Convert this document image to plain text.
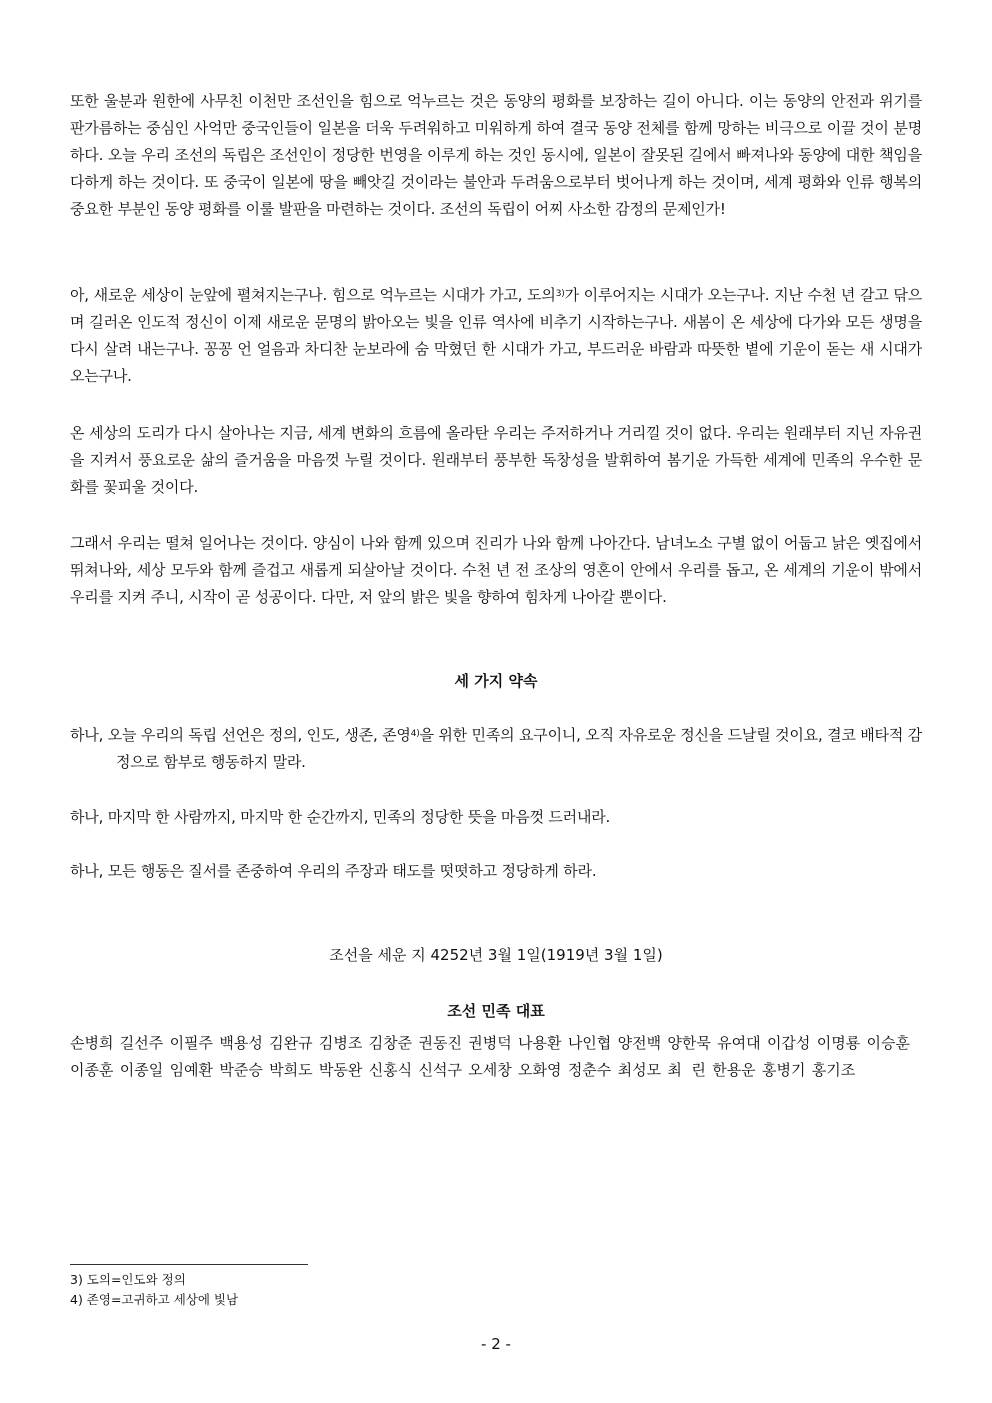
또한 울분과 원한에 사무친 이천만 조선인을 힘으로 억누르는 것은 동양의 평화를 보장하는 길이 아니다. 이는 동양의 안전과 위기를 판가름하는 중심인 사억만 중국인들이 일본을 더욱 두려워하고 미워하게 하여 결국 동양 전체를 함께 망하는 비극으로 이끌 것이 분명하다. 오늘 우리 조선의 독립은 조선인이 정당한 번영을 이루게 하는 것인 동시에, 일본이 잘못된 길에서 빠져나와 동양에 대한 책임을 다하게 하는 것이다. 또 중국이 일본에 땅을 빼앗길 것이라는 불안과 두려움으로부터 벗어나게 하는 것이며, 세계 평화와 인류 행복의 중요한 부분인 동양 평화를 이룰 발판을 마련하는 것이다. 조선의 독립이 어찌 사소한 감정의 문제인가!

아, 새로운 세상이 눈앞에 펼쳐지는구나. 힘으로 억누르는 시대가 가고, 도의$^{3)}$가 이루어지는 시대가 오는구나. 지난 수천 년 갈고 닦으며 길러온 인도적 정신이 이제 새로운 문명의 밝아오는 빛을 인류 역사에 비추기 시작하는구나. 새봄이 온 세상에 다가와 모든 생명을 다시 살려 내는구나. 꽁꽁 언 얼음과 차디찬 눈보라에 숨 막혔던 한 시대가 가고, 부드러운 바람과 따뜻한 볕에 기운이 돋는 새 시대가 오는구나.

온 세상의 도리가 다시 살아나는 지금, 세계 변화의 흐름에 올라탄 우리는 주저하거나 거리낄 것이 없다. 우리는 원래부터 지닌 자유권을 지켜서 풍요로운 삶의 즐거움을 마음껏 누릴 것이다. 원래부터 풍부한 독창성을 발휘하여 봄기운 가득한 세계에 민족의 우수한 문화를 꽃피울 것이다.

그래서 우리는 떨쳐 일어나는 것이다. 양심이 나와 함께 있으며 진리가 나와 함께 나아간다. 남녀노소 구별 없이 어둡고 낡은 옛집에서 뛰쳐나와, 세상 모두와 함께 즐겁고 새롭게 되살아날 것이다. 수천 년 전 조상의 영혼이 안에서 우리를 돕고, 온 세계의 기운이 밖에서 우리를 지켜 주니, 시작이 곧 성공이다. 다만, 저 앞의 밝은 빛을 향하여 힘차게 나아갈 뿐이다.

세 가지 약속

하나, 오늘 우리의 독립 선언은 정의, 인도, 생존, 존영$^{4)}$을 위한 민족의 요구이니, 오직 자유로운 정신을 드날릴 것이요, 결코 배타적 감정으로 함부로 행동하지 말라.

하나, 마지막 한 사람까지, 마지막 한 순간까지, 민족의 정당한 뜻을 마음껏 드러내라.

하나, 모든 행동은 질서를 존중하여 우리의 주장과 태도를 떳떳하고 정당하게 하라.

조선을 세운 지 4252년 3월 1일(1919년 3월 1일)

조선 민족 대표
손병희 길선주 이필주 백용성 김완규 김병조 김창준 권동진 권병덕 나용환 나인협 양전백 양한묵 유여대 이갑성 이명룡 이승훈
이종훈 이종일 임예환 박준승 박희도 박동완 신홍식 신석구 오세창 오화영 정춘수 최성모 최  린 한용운 홍병기 홍기조

3) 도의=인도와 정의

4) 존영=고귀하고 세상에 빛남

- 2 -
